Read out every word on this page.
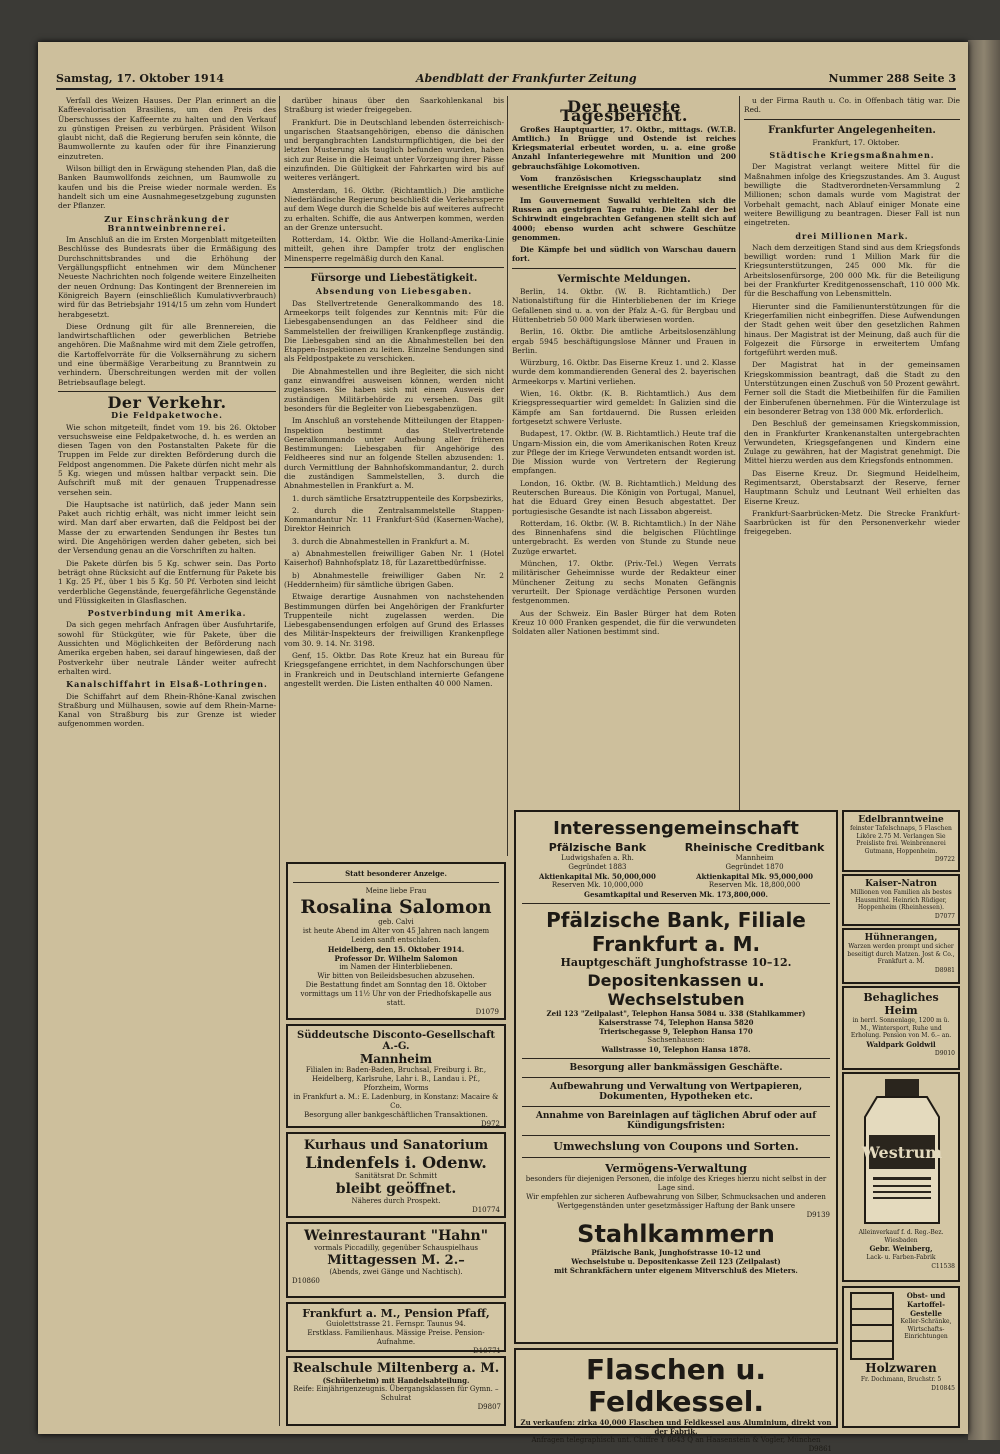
Samstag, 17. Oktober 1914	Abendblatt der Frankfurter Zeitung	Nummer 288 Seite 3

Verfall des Weizen Hauses. Der Plan erinnert an die Kaffeevalorisation Brasiliens, um den Preis des Überschusses der Kaffeernte zu halten und den Verkauf zu günstigen Preisen zu verbürgen. Präsident Wilson glaubt nicht, daß die Regierung berufen sein könnte, die Baumwollernte zu kaufen oder für ihre Finanzierung einzutreten.

Wilson billigt den in Erwägung stehenden Plan, daß die Banken Baumwollfonds zeichnen, um Baumwolle zu kaufen und bis die Preise wieder normale werden. Es handelt sich um eine Ausnahmegesetzgebung zugunsten der Pflanzer.

Zur Einschränkung der Branntweinbrennerei.

Im Anschluß an die im Ersten Morgenblatt mitgeteilten Beschlüsse des Bundesrats über die Ermäßigung des Durchschnittsbrandes und die Erhöhung der Vergällungspflicht entnehmen wir dem Münchener Neueste Nachrichten noch folgende weitere Einzelheiten der neuen Ordnung: Das Kontingent der Brennereien im Königreich Bayern (einschließlich Kumulativverbrauch) wird für das Betriebsjahr 1914/15 um zehn vom Hundert herabgesetzt.

Diese Ordnung gilt für alle Brennereien, die landwirtschaftlichen oder gewerblichen Betriebe angehören. Die Maßnahme wird mit dem Ziele getroffen, die Kartoffelvorräte für die Volksernährung zu sichern und eine übermäßige Verarbeitung zu Branntwein zu verhindern. Überschreitungen werden mit der vollen Betriebsauflage belegt.

Der Verkehr.
Die Feldpaketwoche.

Wie schon mitgeteilt, findet vom 19. bis 26. Oktober versuchsweise eine Feldpaketwoche, d. h. es werden an diesen Tagen von den Postanstalten Pakete für die Truppen im Felde zur direkten Beförderung durch die Feldpost angenommen. Die Pakete dürfen nicht mehr als 5 Kg. wiegen und müssen haltbar verpackt sein. Die Aufschrift muß mit der genauen Truppenadresse versehen sein.

Die Hauptsache ist natürlich, daß jeder Mann sein Paket auch richtig erhält, was nicht immer leicht sein wird. Man darf aber erwarten, daß die Feldpost bei der Masse der zu erwartenden Sendungen ihr Bestes tun wird. Die Angehörigen werden daher gebeten, sich bei der Versendung genau an die Vorschriften zu halten.

Die Pakete dürfen bis 5 Kg. schwer sein. Das Porto beträgt ohne Rücksicht auf die Entfernung für Pakete bis 1 Kg. 25 Pf., über 1 bis 5 Kg. 50 Pf. Verboten sind leicht verderbliche Gegenstände, feuergefährliche Gegenstände und Flüssigkeiten in Glasflaschen.

Postverbindung mit Amerika.

Da sich gegen mehrfach Anfragen über Ausfuhrtarife, sowohl für Stückgüter, wie für Pakete, über die Aussichten und Möglichkeiten der Beförderung nach Amerika ergeben haben, sei darauf hingewiesen, daß der Postverkehr über neutrale Länder weiter aufrecht erhalten wird.

Kanalschiffahrt in Elsaß-Lothringen.

Die Schiffahrt auf dem Rhein-Rhône-Kanal zwischen Straßburg und Mülhausen, sowie auf dem Rhein-Marne-Kanal von Straßburg bis zur Grenze ist wieder aufgenommen worden.

darüber hinaus über den Saarkohlenkanal bis Straßburg ist wieder freigegeben.

Frankfurt. Die in Deutschland lebenden österreichisch-ungarischen Staatsangehörigen, ebenso die dänischen und bergangbrachten Landsturmpflichtigen, die bei der letzten Musterung als tauglich befunden wurden, haben sich zur Reise in die Heimat unter Vorzeigung ihrer Pässe einzufinden. Die Gültigkeit der Fahrkarten wird bis auf weiteres verlängert.

Amsterdam, 16. Oktbr. (Richtamtlich.) Die amtliche Niederländische Regierung beschließt die Verkehrssperre auf dem Wege durch die Schelde bis auf weiteres aufrecht zu erhalten. Schiffe, die aus Antwerpen kommen, werden an der Grenze untersucht.

Rotterdam, 14. Oktbr. Wie die Holland-Amerika-Linie mitteilt, gehen ihre Dampfer trotz der englischen Minensperre regelmäßig durch den Kanal.

Fürsorge und Liebestätigkeit.
Absendung von Liebesgaben.

Das Stellvertretende Generalkommando des 18. Armeekorps teilt folgendes zur Kenntnis mit: Für die Liebesgabensendungen an das Feldheer sind die Sammelstellen der freiwilligen Krankenpflege zuständig. Die Liebesgaben sind an die Abnahmestellen bei den Etappen-Inspektionen zu leiten. Einzelne Sendungen sind als Feldpostpakete zu verschicken.

Die Abnahmestellen und ihre Begleiter, die sich nicht ganz einwandfrei ausweisen können, werden nicht zugelassen. Sie haben sich mit einem Ausweis der zuständigen Militärbehörde zu versehen. Das gilt besonders für die Begleiter von Liebesgabenzügen.

Im Anschluß an vorstehende Mitteilungen der Etappen-Inspektion bestimmt das Stellvertretende Generalkommando unter Aufhebung aller früheren Bestimmungen: Liebesgaben für Angehörige des Feldheeres sind nur an folgende Stellen abzusenden: 1. durch Vermittlung der Bahnhofskommandantur, 2. durch die zuständigen Sammelstellen, 3. durch die Abnahmestellen in Frankfurt a. M.

1. durch sämtliche Ersatztruppenteile des Korpsbezirks,

2. durch die Zentralsammelstelle Stappen-Kommandantur Nr. 11 Frankfurt-Süd (Kasernen-Wache), Direktor Heinrich

3. durch die Abnahmestellen in Frankfurt a. M.

a) Abnahmestellen freiwilliger Gaben Nr. 1 (Hotel Kaiserhof) Bahnhofsplatz 18, für Lazarettbedürfnisse.

b) Abnahmestelle freiwilliger Gaben Nr. 2 (Heddernheim) für sämtliche übrigen Gaben.

Etwaige derartige Ausnahmen von nachstehenden Bestimmungen dürfen bei Angehörigen der Frankfurter Truppenteile nicht zugelassen werden. Die Liebesgabensendungen erfolgen auf Grund des Erlasses des Militär-Inspekteurs der freiwilligen Krankenpflege vom 30. 9. 14. Nr. 3198.

Genf, 15. Oktbr. Das Rote Kreuz hat ein Bureau für Kriegsgefangene errichtet, in dem Nachforschungen über in Frankreich und in Deutschland internierte Gefangene angestellt werden. Die Listen enthalten 40 000 Namen.

Der neueste Tagesbericht.

Großes Hauptquartier, 17. Oktbr., mittags. (W.T.B. Amtlich.) In Brügge und Ostende ist reiches Kriegsmaterial erbeutet worden, u. a. eine große Anzahl Infanteriegewehre mit Munition und 200 gebrauchsfähige Lokomotiven.

Vom französischen Kriegsschauplatz sind wesentliche Ereignisse nicht zu melden.

Im Gouvernement Suwalki verhielten sich die Russen an gestrigen Tage ruhig. Die Zahl der bei Schirwindt eingebrachten Gefangenen stellt sich auf 4000; ebenso wurden acht schwere Geschütze genommen.

Die Kämpfe bei und südlich von Warschau dauern fort.

Vermischte Meldungen.

Berlin, 14. Oktbr. (W. B. Richtamtlich.) Der Nationalstiftung für die Hinterbliebenen der im Kriege Gefallenen sind u. a. von der Pfalz A.-G. für Bergbau und Hüttenbetrieb 50 000 Mark überwiesen worden.

Berlin, 16. Oktbr. Die amtliche Arbeitslosenzählung ergab 5945 beschäftigungslose Männer und Frauen in Berlin.

Würzburg, 16. Oktbr. Das Eiserne Kreuz 1. und 2. Klasse wurde dem kommandierenden General des 2. bayerischen Armeekorps v. Martini verliehen.

Wien, 16. Oktbr. (K. B. Richtamtlich.) Aus dem Kriegspressequartier wird gemeldet: In Galizien sind die Kämpfe am San fortdauernd. Die Russen erleiden fortgesetzt schwere Verluste.

Budapest, 17. Oktbr. (W. B. Richtamtlich.) Heute traf die Ungarn-Mission ein, die vom Amerikanischen Roten Kreuz zur Pflege der im Kriege Verwundeten entsandt worden ist. Die Mission wurde von Vertretern der Regierung empfangen.

London, 16. Oktbr. (W. B. Richtamtlich.) Meldung des Reuterschen Bureaus. Die Königin von Portugal, Manuel, hat die Eduard Grey einen Besuch abgestattet. Der portugiesische Gesandte ist nach Lissabon abgereist.

Rotterdam, 16. Oktbr. (W. B. Richtamtlich.) In der Nähe des Binnenhafens sind die belgischen Flüchtlinge untergebracht. Es werden von Stunde zu Stunde neue Zuzüge erwartet.

München, 17. Oktbr. (Priv.-Tel.) Wegen Verrats militärischer Geheimnisse wurde der Redakteur einer Münchener Zeitung zu sechs Monaten Gefängnis verurteilt. Der Spionage verdächtige Personen wurden festgenommen.

Aus der Schweiz. Ein Basler Bürger hat dem Roten Kreuz 10 000 Franken gespendet, die für die verwundeten Soldaten aller Nationen bestimmt sind.

u der Firma Rauth u. Co. in Offenbach tätig war. Die Red.

Frankfurter Angelegenheiten.

Frankfurt, 17. Oktober.

Städtische Kriegsmaßnahmen.

Der Magistrat verlangt weitere Mittel für die Maßnahmen infolge des Kriegszustandes. Am 3. August bewilligte die Stadtverordneten-Versammlung 2 Millionen; schon damals wurde vom Magistrat der Vorbehalt gemacht, nach Ablauf einiger Monate eine weitere Bewilligung zu beantragen. Dieser Fall ist nun eingetreten.

drei Millionen Mark.

Nach dem derzeitigen Stand sind aus dem Kriegsfonds bewilligt worden: rund 1 Million Mark für die Kriegsunterstützungen, 245 000 Mk. für die Arbeitslosenfürsorge, 200 000 Mk. für die Beteiligung bei der Frankfurter Kreditgenossenschaft, 110 000 Mk. für die Beschaffung von Lebensmitteln.

Hierunter sind die Familienunterstützungen für die Kriegerfamilien nicht einbegriffen. Diese Aufwendungen der Stadt gehen weit über den gesetzlichen Rahmen hinaus. Der Magistrat ist der Meinung, daß auch für die Folgezeit die Fürsorge in erweitertem Umfang fortgeführt werden muß.

Der Magistrat hat in der gemeinsamen Kriegskommission beantragt, daß die Stadt zu den Unterstützungen einen Zuschuß von 50 Prozent gewährt. Ferner soll die Stadt die Mietbeihilfen für die Familien der Einberufenen übernehmen. Für die Winterzulage ist ein besonderer Betrag von 138 000 Mk. erforderlich.

Den Beschluß der gemeinsamen Kriegskommission, den in Frankfurter Krankenanstalten untergebrachten Verwundeten, Kriegsgefangenen und Kindern eine Zulage zu gewähren, hat der Magistrat genehmigt. Die Mittel hierzu werden aus dem Kriegsfonds entnommen.

Das Eiserne Kreuz. Dr. Siegmund Heidelheim, Regimentsarzt, Oberstabsarzt der Reserve, ferner Hauptmann Schulz und Leutnant Weil erhielten das Eiserne Kreuz.

Frankfurt-Saarbrücken-Metz. Die Strecke Frankfurt-Saarbrücken ist für den Personenverkehr wieder freigegeben.

Statt besonderer Anzeige.
Meine liebe Frau
Rosalina Salomon
geb. Calvi
ist heute Abend im Alter von 45 Jahren nach langem Leiden sanft entschlafen.
Heidelberg, den 15. Oktober 1914.
Professor Dr. Wilhelm Salomon
im Namen der Hinterbliebenen.
Wir bitten von Beileidsbesuchen abzusehen.
Die Bestattung findet am Sonntag den 18. Oktober vormittags um 11½ Uhr von der Friedhofskapelle aus statt.
D1079
Süddeutsche Disconto-Gesellschaft A.-G.
Mannheim
Filialen in: Baden-Baden, Bruchsal, Freiburg i. Br., Heidelberg, Karlsruhe, Lahr i. B., Landau i. Pf., Pforzheim, Worms
in Frankfurt a. M.: E. Ladenburg, in Konstanz: Macaire & Co.
Besorgung aller bankgeschäftlichen Transaktionen.
D972
Kurhaus und Sanatorium
Lindenfels i. Odenw.
Sanitätsrat Dr. Schmitt
bleibt geöffnet.
Näheres durch Prospekt.
D10774
Weinrestaurant "Hahn"
vormals Piccadilly, gegenüber Schauspielhaus
Mittagessen M. 2.–
(Abends, zwei Gänge und Nachtisch).
D10860
Frankfurt a. M., Pension Pfaff,
Guiolettstrasse 21. Fernspr. Taunus 94.
Erstklass. Familienhaus. Mässige Preise. Pension-Aufnahme.
D10771
Realschule Miltenberg a. M.
(Schülerheim) mit Handelsabteilung.
Reife: Einjährigenzeugnis. Übergangsklassen für Gymn. – Schulrat
D9807
Interessengemeinschaft
Pfälzische Bank
Ludwigshafen a. Rh.
Gegründet 1883
Aktienkapital Mk. 50,000,000
Reserven Mk. 10,000,000
Rheinische Creditbank
Mannheim
Gegründet 1870
Aktienkapital Mk. 95,000,000
Reserven Mk. 18,800,000
Gesamtkapital und Reserven Mk. 173,800,000.
Pfälzische Bank, Filiale Frankfurt a. M.
Hauptgeschäft Junghofstrasse 10–12.
Depositenkassen u. Wechselstuben
Zeil 123 "Zeilpalast", Telephon Hansa 5084 u. 338 (Stahlkammer)
Kaiserstrasse 74, Telephon Hansa 5820
Trierischegasse 9, Telephon Hansa 170
Sachsenhausen:
Wallstrasse 10, Telephon Hansa 1878.
Besorgung aller bankmässigen Geschäfte.
Aufbewahrung und Verwaltung von Wertpapieren, Dokumenten, Hypotheken etc.
Annahme von Bareinlagen auf täglichen Abruf oder auf Kündigungsfristen:
Umwechslung von Coupons und Sorten.
Vermögens-Verwaltung
besonders für diejenigen Personen, die infolge des Krieges hierzu nicht selbst in der Lage sind.
Wir empfehlen zur sicheren Aufbewahrung von Silber, Schmucksachen und anderen Wertgegenständen unter gesetzmässiger Haftung der Bank unsere
D9139
Stahlkammern
Pfälzische Bank, Junghofstrasse 10–12 und
Wechselstube u. Depositenkasse Zeil 123 (Zeilpalast)
mit Schrankfächern unter eigenem Mitverschluß des Mieters.
Flaschen u. Feldkessel.
Zu verkaufen: zirka 40,000 Flaschen und Feldkessel aus Aluminium, direkt von der Fabrik.
Anfragen telegraphisch unt. Chiffre Y 6643 Q an Haasenstein & Vogler, München
D9861
Edelbranntweine
feinster Tafelschnaps, 5 Flaschen Liköre 2.75 M. Verlangen Sie Preisliste frei. Weinbrennerei Gutmann, Hoppenheim.
D9722
Kaiser-Natron
Millionen von Familien als bestes Hausmittel. Heinrich Rüdiger, Hoppenheim (Rheinhessen).
D7077
Hühnerangen,
Warzen werden prompt und sicher beseitigt durch Matzen. Jost & Co., Frankfurt a. M.
D8981
Behagliches Heim
in herrl. Sonnenlage, 1200 m ü. M., Wintersport, Ruhe und Erholung. Pension von M. 6.– an.
Waldpark Goldwil
D9010
Westrum
Alleinverkauf f. d. Reg.-Bez. Wiesbaden
Gebr. Weinberg,
Lack- u. Farben-Fabrik
C11538
Obst- und Kartoffel-Gestelle
Keller-Schränke, Wirtschafts-Einrichtungen
Holzwaren
Fr. Dochmann, Bruchstr. 5
D10845
